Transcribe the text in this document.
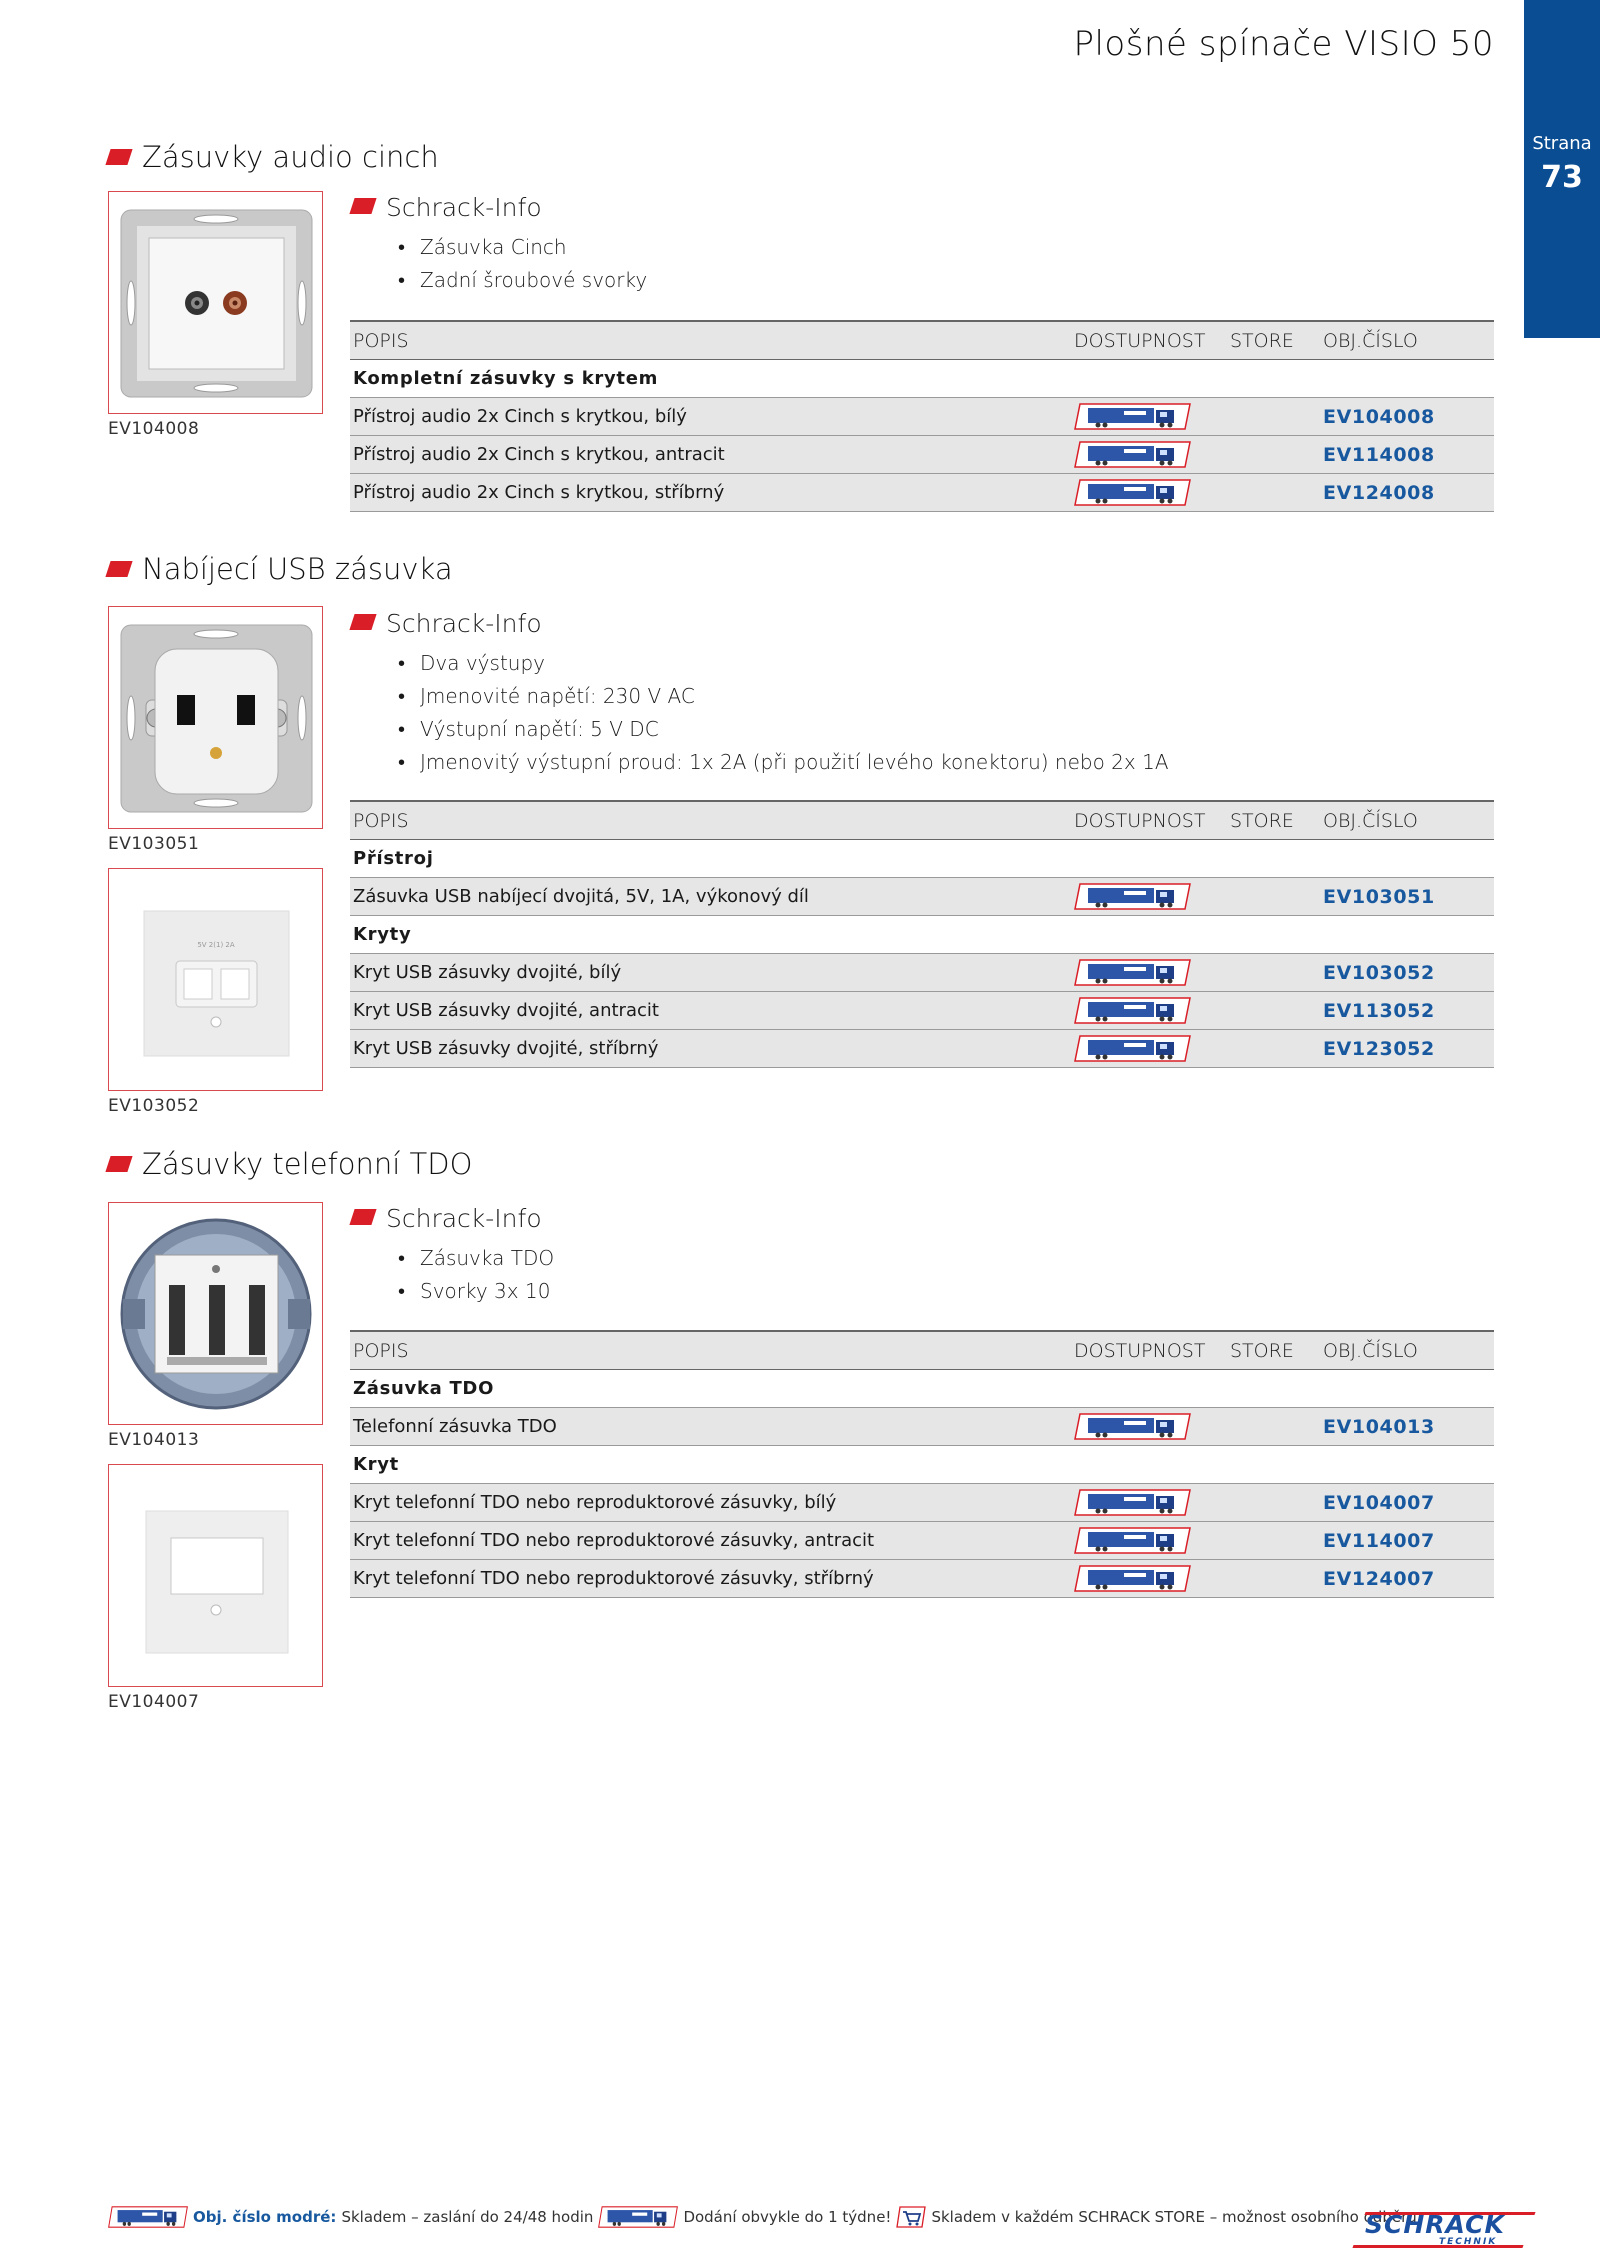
Plošné spínače VISIO 50
Strana
73
Zásuvky audio cinch
EV104008
Schrack-Info
• Zásuvka Cinch
• Zadní šroubové svorky
POPIS	DOSTUPNOST	STORE	OBJ.ČÍSLO
Kompletní zásuvky s krytem			
Přístroj audio 2x Cinch s krytkou, bílý			EV104008
Přístroj audio 2x Cinch s krytkou, antracit			EV114008
Přístroj audio 2x Cinch s krytkou, stříbrný			EV124008
Nabíjecí USB zásuvka
EV103051
5V 2(1) 2A
EV103052
Schrack-Info
• Dva výstupy
• Jmenovité napětí: 230 V AC
• Výstupní napětí: 5 V DC
• Jmenovitý výstupní proud: 1x 2A (při použití levého konektoru) nebo 2x 1A
POPIS	DOSTUPNOST	STORE	OBJ.ČÍSLO
Přístroj			
Zásuvka USB nabíjecí dvojitá, 5V, 1A, výkonový díl			EV103051
Kryty			
Kryt USB zásuvky dvojité, bílý			EV103052
Kryt USB zásuvky dvojité, antracit			EV113052
Kryt USB zásuvky dvojité, stříbrný			EV123052
Zásuvky telefonní TDO
EV104013
EV104007
Schrack-Info
• Zásuvka TDO
• Svorky 3x 10
POPIS	DOSTUPNOST	STORE	OBJ.ČÍSLO
Zásuvka TDO			
Telefonní zásuvka TDO			EV104013
Kryt			
Kryt telefonní TDO nebo reproduktorové zásuvky, bílý			EV104007
Kryt telefonní TDO nebo reproduktorové zásuvky, antracit			EV114007
Kryt telefonní TDO nebo reproduktorové zásuvky, stříbrný			EV124007
Obj. číslo modré: Skladem – zaslání do 24/48 hodin	Dodání obvykle do 1 týdne!	Skladem v každém SCHRACK STORE – možnost osobního odběru
SCHRACK
TECHNIK
